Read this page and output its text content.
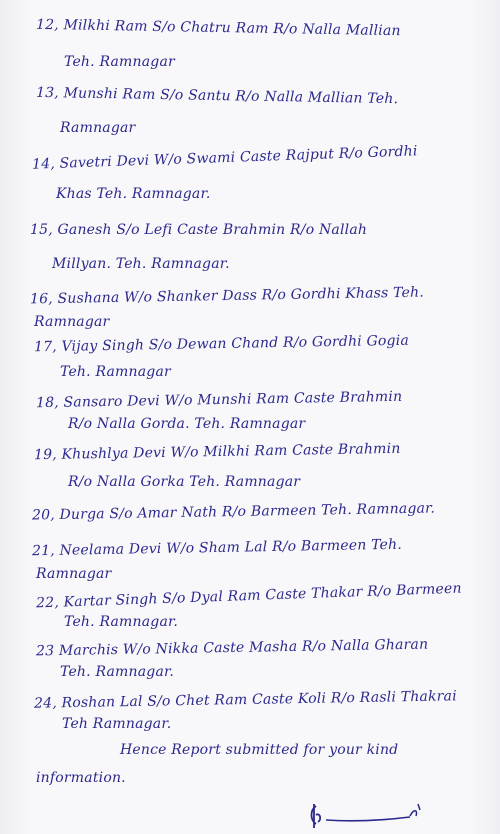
12, Milkhi Ram S/o Chatru Ram R/o Nalla Mallian
Teh. Ramnagar
13, Munshi Ram S/o Santu R/o Nalla Mallian Teh.
Ramnagar
14, Savetri Devi W/o Swami Caste Rajput R/o Gordhi
Khas Teh. Ramnagar.
15, Ganesh S/o Lefi Caste Brahmin R/o Nallah
Millyan. Teh. Ramnagar.
16, Sushana W/o Shanker Dass R/o Gordhi Khass Teh.
Ramnagar
17, Vijay Singh S/o Dewan Chand R/o Gordhi Gogia
Teh. Ramnagar
18, Sansaro Devi W/o Munshi Ram Caste Brahmin
R/o Nalla Gorda. Teh. Ramnagar
19, Khushlya Devi W/o Milkhi Ram Caste Brahmin
R/o Nalla Gorka Teh. Ramnagar
20, Durga S/o Amar Nath R/o Barmeen Teh. Ramnagar.
21, Neelama Devi W/o Sham Lal R/o Barmeen Teh.
Ramnagar
22, Kartar Singh S/o Dyal Ram Caste Thakar R/o Barmeen
Teh. Ramnagar.
23 Marchis W/o Nikka Caste Masha R/o Nalla Gharan
Teh. Ramnagar.
24, Roshan Lal S/o Chet Ram Caste Koli R/o Rasli Thakrai
Teh Ramnagar.
Hence Report submitted for your kind
information.
